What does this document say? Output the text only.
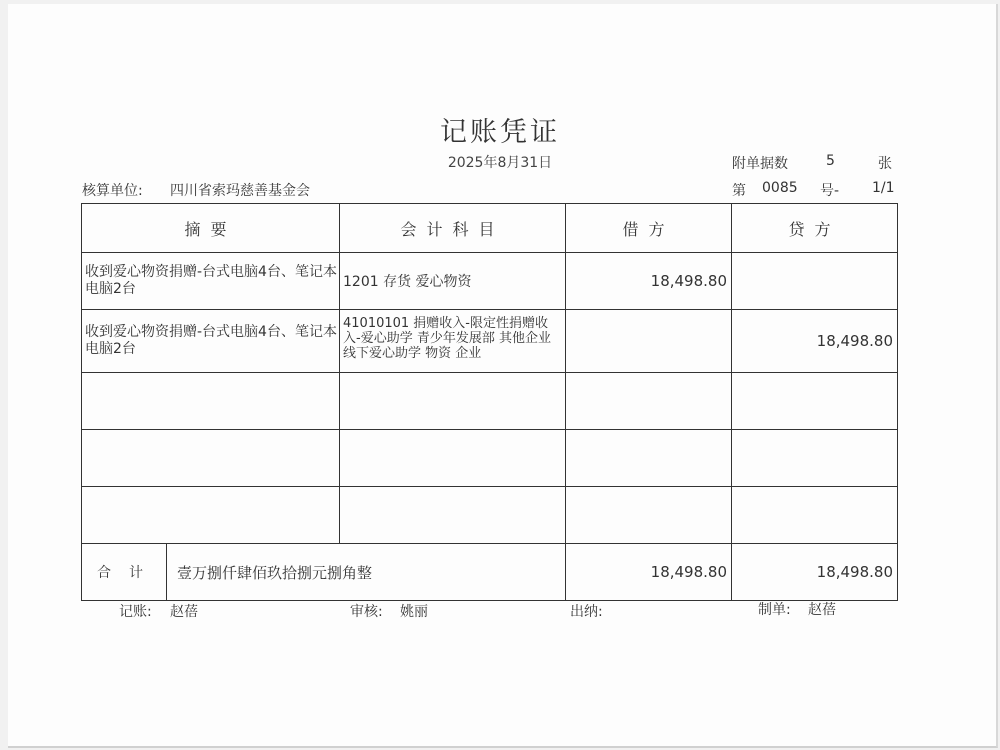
记账凭证
2025年8月31日	附单据数	5	张
核算单位: 四川省索玛慈善基金会	第 0085 号- 1/1
摘要	会计科目	借方	贷方
收到爱心物资捐赠-台式电脑4台、笔记本电脑2台	1201 存货 爱心物资	18,498.80	
收到爱心物资捐赠-台式电脑4台、笔记本电脑2台	41010101 捐赠收入-限定性捐赠收入-爱心助学 青少年发展部 其他企业 线下爱心助学 物资 企业		18,498.80

合计 壹万捌仟肆佰玖拾捌元捌角整		18,498.80	18,498.80
记账: 赵蓓	审核: 姚丽	出纳:	制单: 赵蓓
